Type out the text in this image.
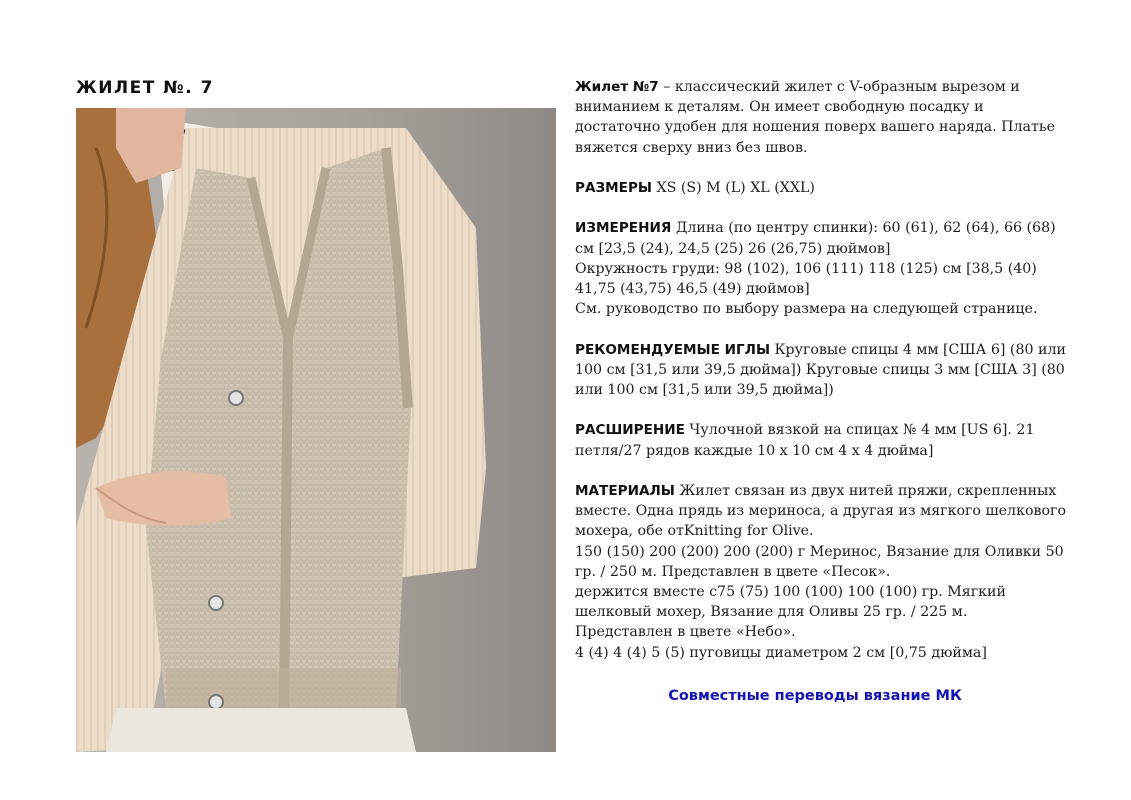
ЖИЛЕТ №. 7	Жилет №7 – классический жилет с V-образным вырезом и вниманием к деталям. Он имеет свободную посадку и достаточно удобен для ношения поверх вашего наряда. Платье вяжется сверху вниз без швов.

РАЗМЕРЫ XS (S) M (L) XL (XXL)

ИЗМЕРЕНИЯ Длина (по центру спинки): 60 (61), 62 (64), 66 (68) см [23,5 (24), 24,5 (25) 26 (26,75) дюймов]
Окружность груди: 98 (102), 106 (111) 118 (125) см [38,5 (40) 41,75 (43,75) 46,5 (49) дюймов]
См. руководство по выбору размера на следующей странице.

РЕКОМЕНДУЕМЫЕ ИГЛЫ Круговые спицы 4 мм [США 6] (80 или 100 см [31,5 или 39,5 дюйма]) Круговые спицы 3 мм [США 3] (80 или 100 см [31,5 или 39,5 дюйма])

РАСШИРЕНИЕ Чулочной вязкой на спицах № 4 мм [US 6]. 21 петля/27 рядов каждые 10 х 10 см 4 х 4 дюйма]

МАТЕРИАЛЫ Жилет связан из двух нитей пряжи, скрепленных вместе. Одна прядь из мериноса, а другая из мягкого шелкового мохера, обе отKnitting for Olive.
150 (150) 200 (200) 200 (200) г Меринос, Вязание для Оливки 50 гр. / 250 м. Представлен в цвете «Песок».
держится вместе с75 (75) 100 (100) 100 (100) гр. Мягкий шелковый мохер, Вязание для Оливы 25 гр. / 225 м. Представлен в цвете «Небо».
4 (4) 4 (4) 5 (5) пуговицы диаметром 2 см [0,75 дюйма]

Совместные переводы вязание МК
